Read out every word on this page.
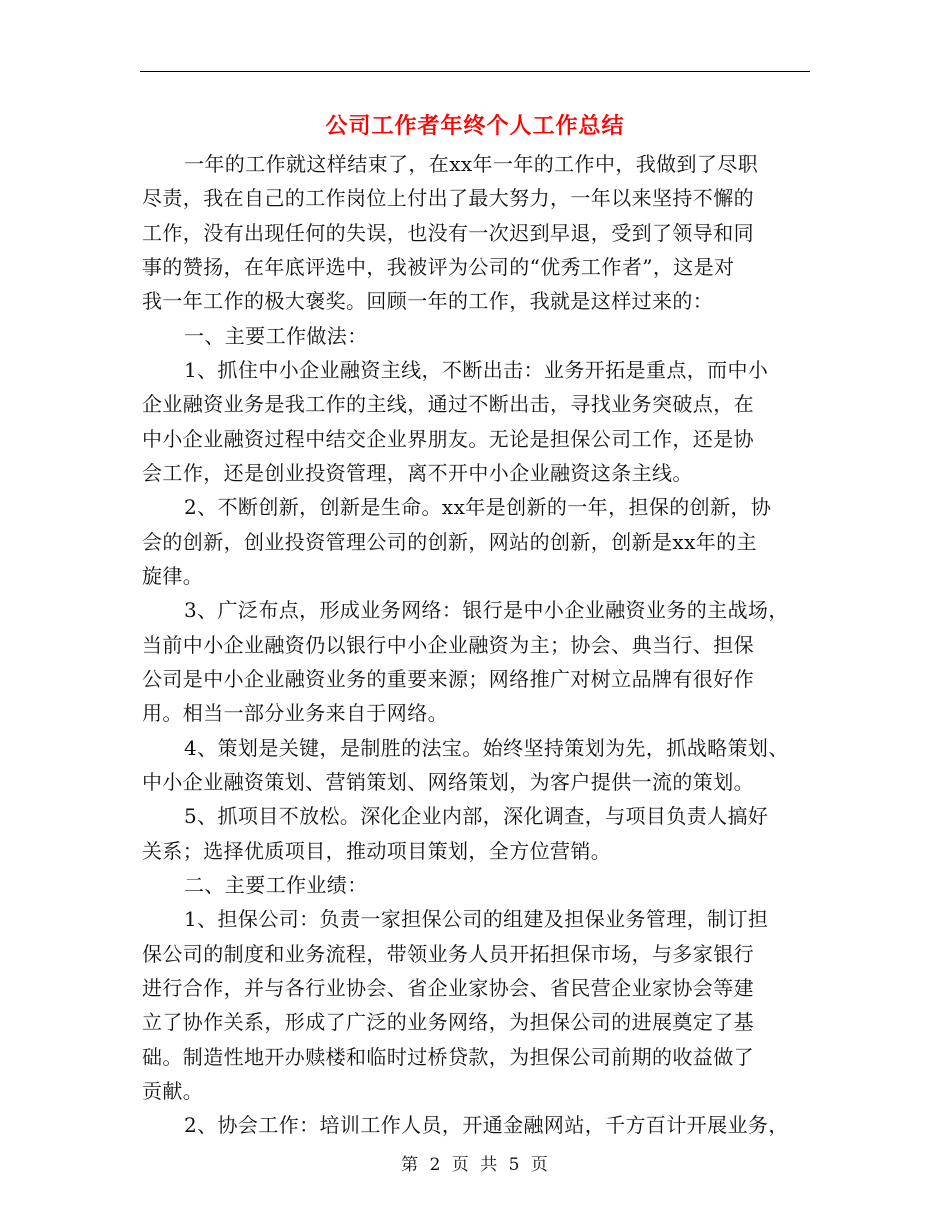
公司工作者年终个人工作总结
一年的工作就这样结束了，在xx年一年的工作中，我做到了尽职
尽责，我在自己的工作岗位上付出了最大努力，一年以来坚持不懈的
工作，没有出现任何的失误，也没有一次迟到早退，受到了领导和同
事的赞扬，在年底评选中，我被评为公司的“优秀工作者”，这是对
我一年工作的极大褒奖。回顾一年的工作，我就是这样过来的：
一、主要工作做法：
1、抓住中小企业融资主线，不断出击：业务开拓是重点，而中小
企业融资业务是我工作的主线，通过不断出击，寻找业务突破点，在
中小企业融资过程中结交企业界朋友。无论是担保公司工作，还是协
会工作，还是创业投资管理，离不开中小企业融资这条主线。
2、不断创新，创新是生命。xx年是创新的一年，担保的创新，协
会的创新，创业投资管理公司的创新，网站的创新，创新是xx年的主
旋律。
3、广泛布点，形成业务网络：银行是中小企业融资业务的主战场，
当前中小企业融资仍以银行中小企业融资为主；协会、典当行、担保
公司是中小企业融资业务的重要来源；网络推广对树立品牌有很好作
用。相当一部分业务来自于网络。
4、策划是关键，是制胜的法宝。始终坚持策划为先，抓战略策划、
中小企业融资策划、营销策划、网络策划，为客户提供一流的策划。
5、抓项目不放松。深化企业内部，深化调查，与项目负责人搞好
关系；选择优质项目，推动项目策划，全方位营销。
二、主要工作业绩：
1、担保公司：负责一家担保公司的组建及担保业务管理，制订担
保公司的制度和业务流程，带领业务人员开拓担保市场，与多家银行
进行合作，并与各行业协会、省企业家协会、省民营企业家协会等建
立了协作关系，形成了广泛的业务网络，为担保公司的进展奠定了基
础。制造性地开办赎楼和临时过桥贷款，为担保公司前期的收益做了
贡献。
2、协会工作：培训工作人员，开通金融网站，千方百计开展业务，
第 2 页 共 5 页
